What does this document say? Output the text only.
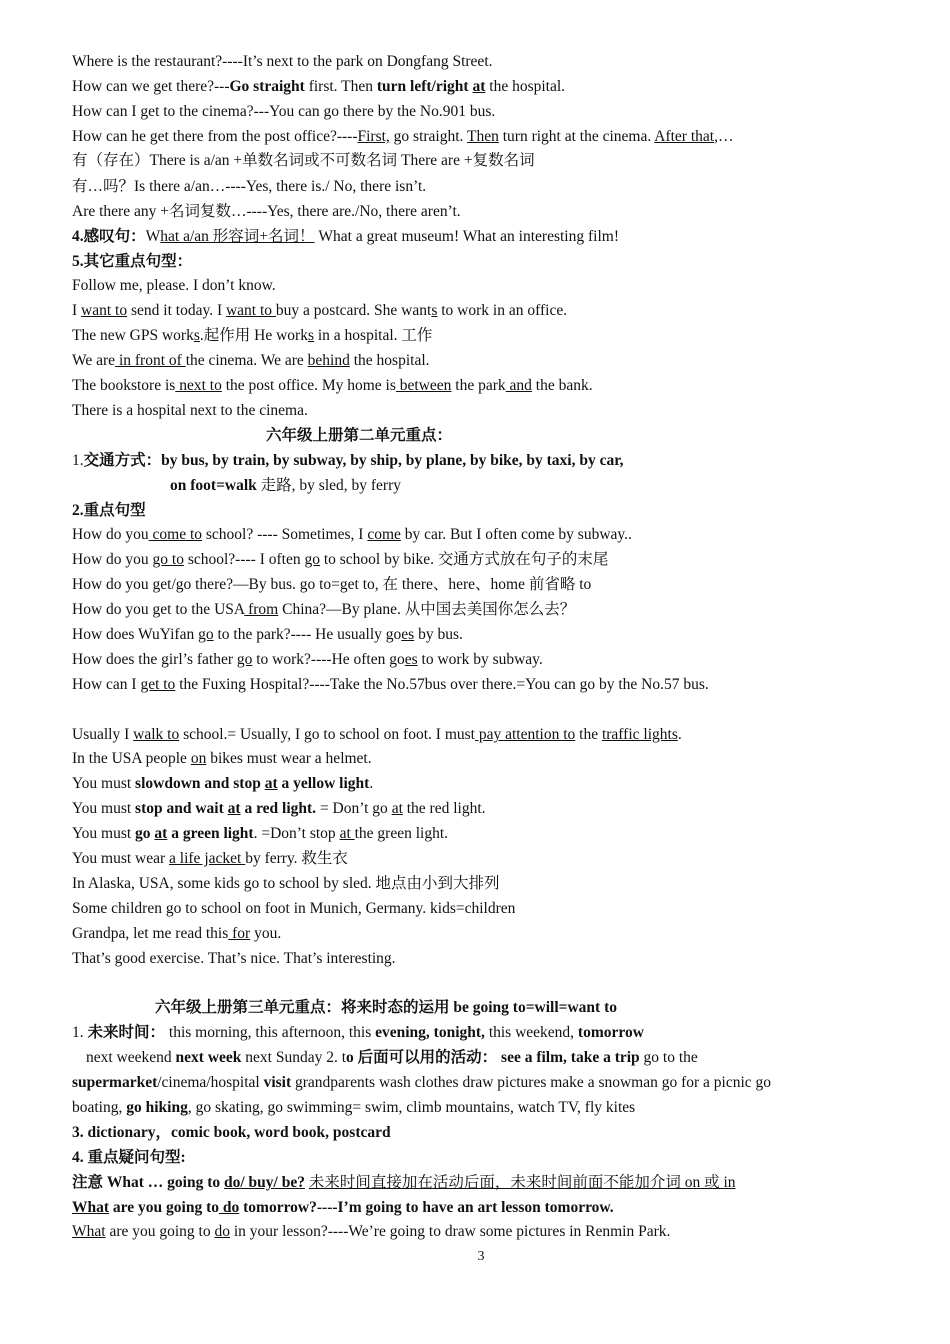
Where is the restaurant?----It’s next to the park on Dongfang Street.
How can we get there?---Go straight first. Then turn left/right at the hospital.
How can I get to the cinema?---You can go there by the No.901 bus.
How can he get there from the post office?----First, go straight. Then turn right at the cinema. After that,…
有（存在）There is a/an +单数名词或不可数名词 There are +复数名词
有…吗？Is there a/an…----Yes, there is./ No, there isn’t.
Are there any +名词复数…----Yes, there are./No, there aren’t.
4.感叹句：What a/an 形容词+名词！ What a great museum! What an interesting film!
5.其它重点句型：
Follow me, please. I don’t know.
I want to send it today. I want to buy a postcard. She wants to work in an office.
The new GPS works.起作用 He works in a hospital. 工作
We are in front of the cinema. We are behind the hospital.
The bookstore is next to the post office. My home is between the park and the bank.
There is a hospital next to the cinema.
六年级上册第二单元重点：
1.交通方式：by bus, by train, by subway, by ship, by plane, by bike, by taxi, by car,
on foot=walk 走路, by sled, by ferry
2.重点句型
How do you come to school? ---- Sometimes, I come by car. But I often come by subway..
How do you go to school?---- I often go to school by bike. 交通方式放在句子的末尾
How do you get/go there?—By bus. go to=get to, 在 there、here、home 前省略 to
How do you get to the USA from China?—By plane. 从中国去美国你怎么去？
How does WuYifan go to the park?---- He usually goes by bus.
How does the girl’s father go to work?----He often goes to work by subway.
How can I get to the Fuxing Hospital?----Take the No.57bus over there.=You can go by the No.57 bus.
Usually I walk to school.= Usually, I go to school on foot. I must pay attention to the traffic lights.
In the USA people on bikes must wear a helmet.
You must slowdown and stop at a yellow light.
You must stop and wait at a red light. = Don’t go at the red light.
You must go at a green light. =Don’t stop at the green light.
You must wear a life jacket by ferry. 救生衣
In Alaska, USA, some kids go to school by sled. 地点由小到大排列
Some children go to school on foot in Munich, Germany. kids=children
Grandpa, let me read this for you.
That’s good exercise. That’s nice. That’s interesting.
六年级上册第三单元重点：将来时态的运用 be going to=will=want to
1. 未来时间： this morning, this afternoon, this evening, tonight, this weekend, tomorrow
next weekend next week next Sunday 2. to 后面可以用的活动： see a film, take a trip go to the
supermarket/cinema/hospital visit grandparents wash clothes draw pictures make a snowman go for a picnic go
boating, go hiking, go skating, go swimming= swim, climb mountains, watch TV, fly kites
3. dictionary，comic book, word book, postcard
4. 重点疑问句型:
注意 What … going to do/ buy/ be? 未来时间直接加在活动后面，未来时间前面不能加介词 on 或 in
What are you going to do tomorrow?----I’m going to have an art lesson tomorrow.
What are you going to do in your lesson?----We’re going to draw some pictures in Renmin Park.
3
